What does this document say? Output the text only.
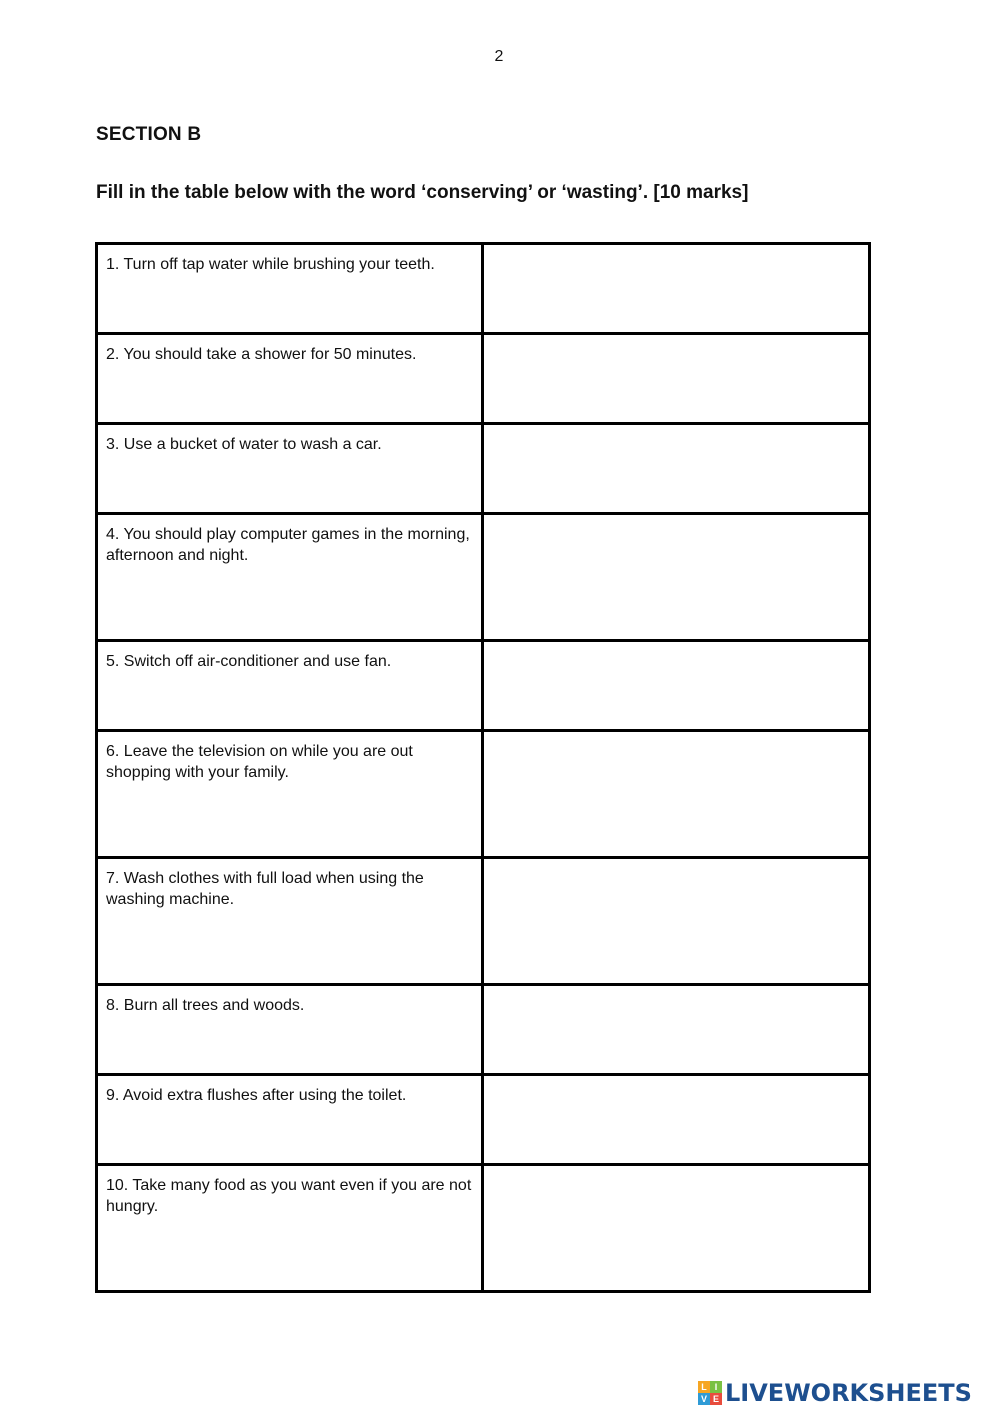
2
SECTION B
Fill in the table below with the word ‘conserving’ or ‘wasting’. [10 marks]
1. Turn off tap water while brushing your teeth.	
2. You should take a shower for 50 minutes.	
3. Use a bucket of water to wash a car.	
4. You should play computer games in the morning, afternoon and night.	
5. Switch off air-conditioner and use fan.	
6. Leave the television on while you are out shopping with your family.	
7. Wash clothes with full load when using the washing machine.	
8. Burn all trees and woods.	
9. Avoid extra flushes after using the toilet.	
10. Take many food as you want even if you are not hungry.	
L I
V E LIVEWORKSHEETS
